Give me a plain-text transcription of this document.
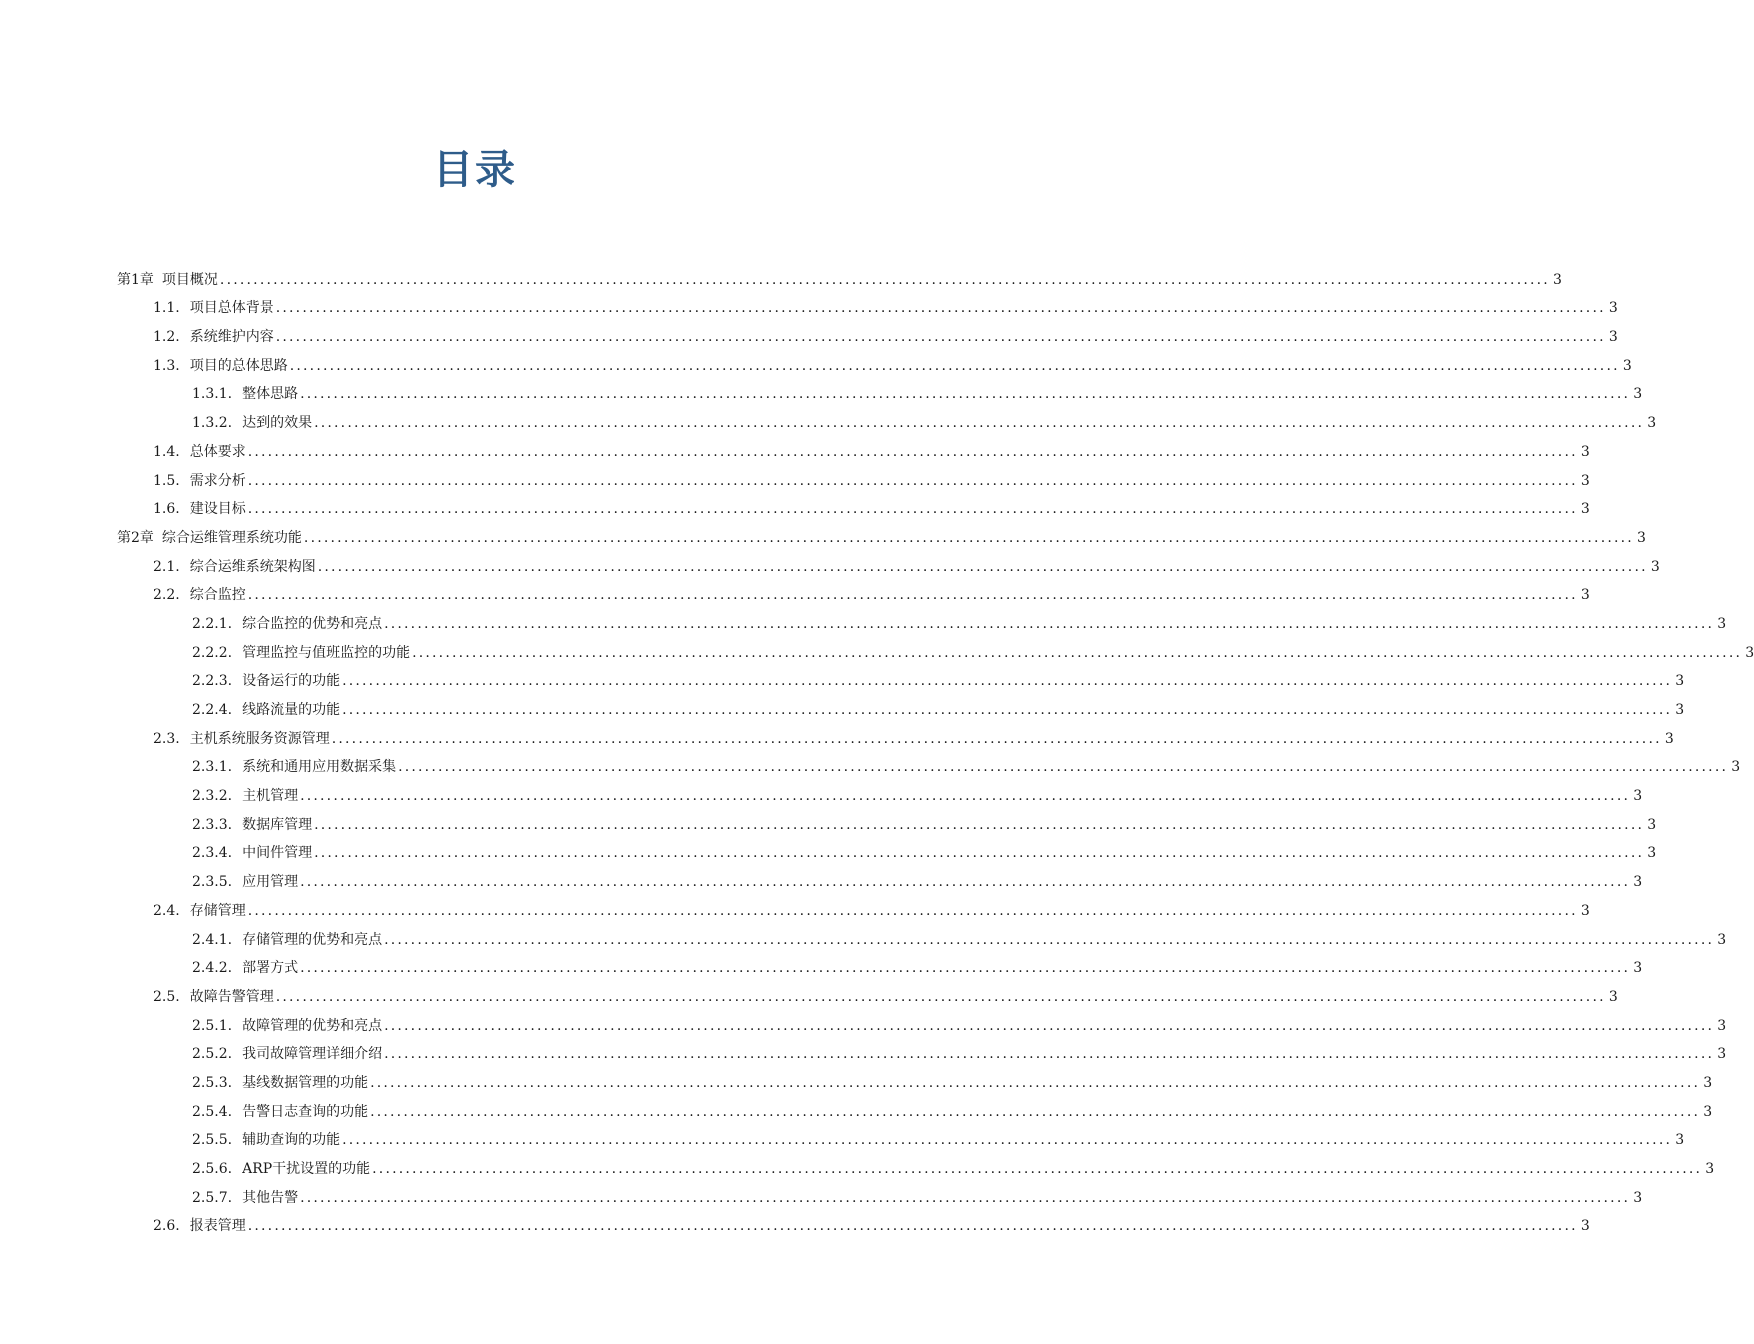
目录
第1章 项目概况 ........................................................................................................................................................................................................ 3
1.1. 项目总体背景 ........................................................................................................................................................................................................ 3
1.2. 系统维护内容 ........................................................................................................................................................................................................ 3
1.3. 项目的总体思路 ........................................................................................................................................................................................................ 3
1.3.1. 整体思路 ........................................................................................................................................................................................................ 3
1.3.2. 达到的效果 ........................................................................................................................................................................................................ 3
1.4. 总体要求 ........................................................................................................................................................................................................ 3
1.5. 需求分析 ........................................................................................................................................................................................................ 3
1.6. 建设目标 ........................................................................................................................................................................................................ 3
第2章 综合运维管理系统功能 ........................................................................................................................................................................................................ 3
2.1. 综合运维系统架构图 ........................................................................................................................................................................................................ 3
2.2. 综合监控 ........................................................................................................................................................................................................ 3
2.2.1. 综合监控的优势和亮点 ........................................................................................................................................................................................................ 3
2.2.2. 管理监控与值班监控的功能 ........................................................................................................................................................................................................ 3
2.2.3. 设备运行的功能 ........................................................................................................................................................................................................ 3
2.2.4. 线路流量的功能 ........................................................................................................................................................................................................ 3
2.3. 主机系统服务资源管理 ........................................................................................................................................................................................................ 3
2.3.1. 系统和通用应用数据采集 ........................................................................................................................................................................................................ 3
2.3.2. 主机管理 ........................................................................................................................................................................................................ 3
2.3.3. 数据库管理 ........................................................................................................................................................................................................ 3
2.3.4. 中间件管理 ........................................................................................................................................................................................................ 3
2.3.5. 应用管理 ........................................................................................................................................................................................................ 3
2.4. 存储管理 ........................................................................................................................................................................................................ 3
2.4.1. 存储管理的优势和亮点 ........................................................................................................................................................................................................ 3
2.4.2. 部署方式 ........................................................................................................................................................................................................ 3
2.5. 故障告警管理 ........................................................................................................................................................................................................ 3
2.5.1. 故障管理的优势和亮点 ........................................................................................................................................................................................................ 3
2.5.2. 我司故障管理详细介绍 ........................................................................................................................................................................................................ 3
2.5.3. 基线数据管理的功能 ........................................................................................................................................................................................................ 3
2.5.4. 告警日志查询的功能 ........................................................................................................................................................................................................ 3
2.5.5. 辅助查询的功能 ........................................................................................................................................................................................................ 3
2.5.6. ARP干扰设置的功能 ........................................................................................................................................................................................................ 3
2.5.7. 其他告警 ........................................................................................................................................................................................................ 3
2.6. 报表管理 ........................................................................................................................................................................................................ 3
